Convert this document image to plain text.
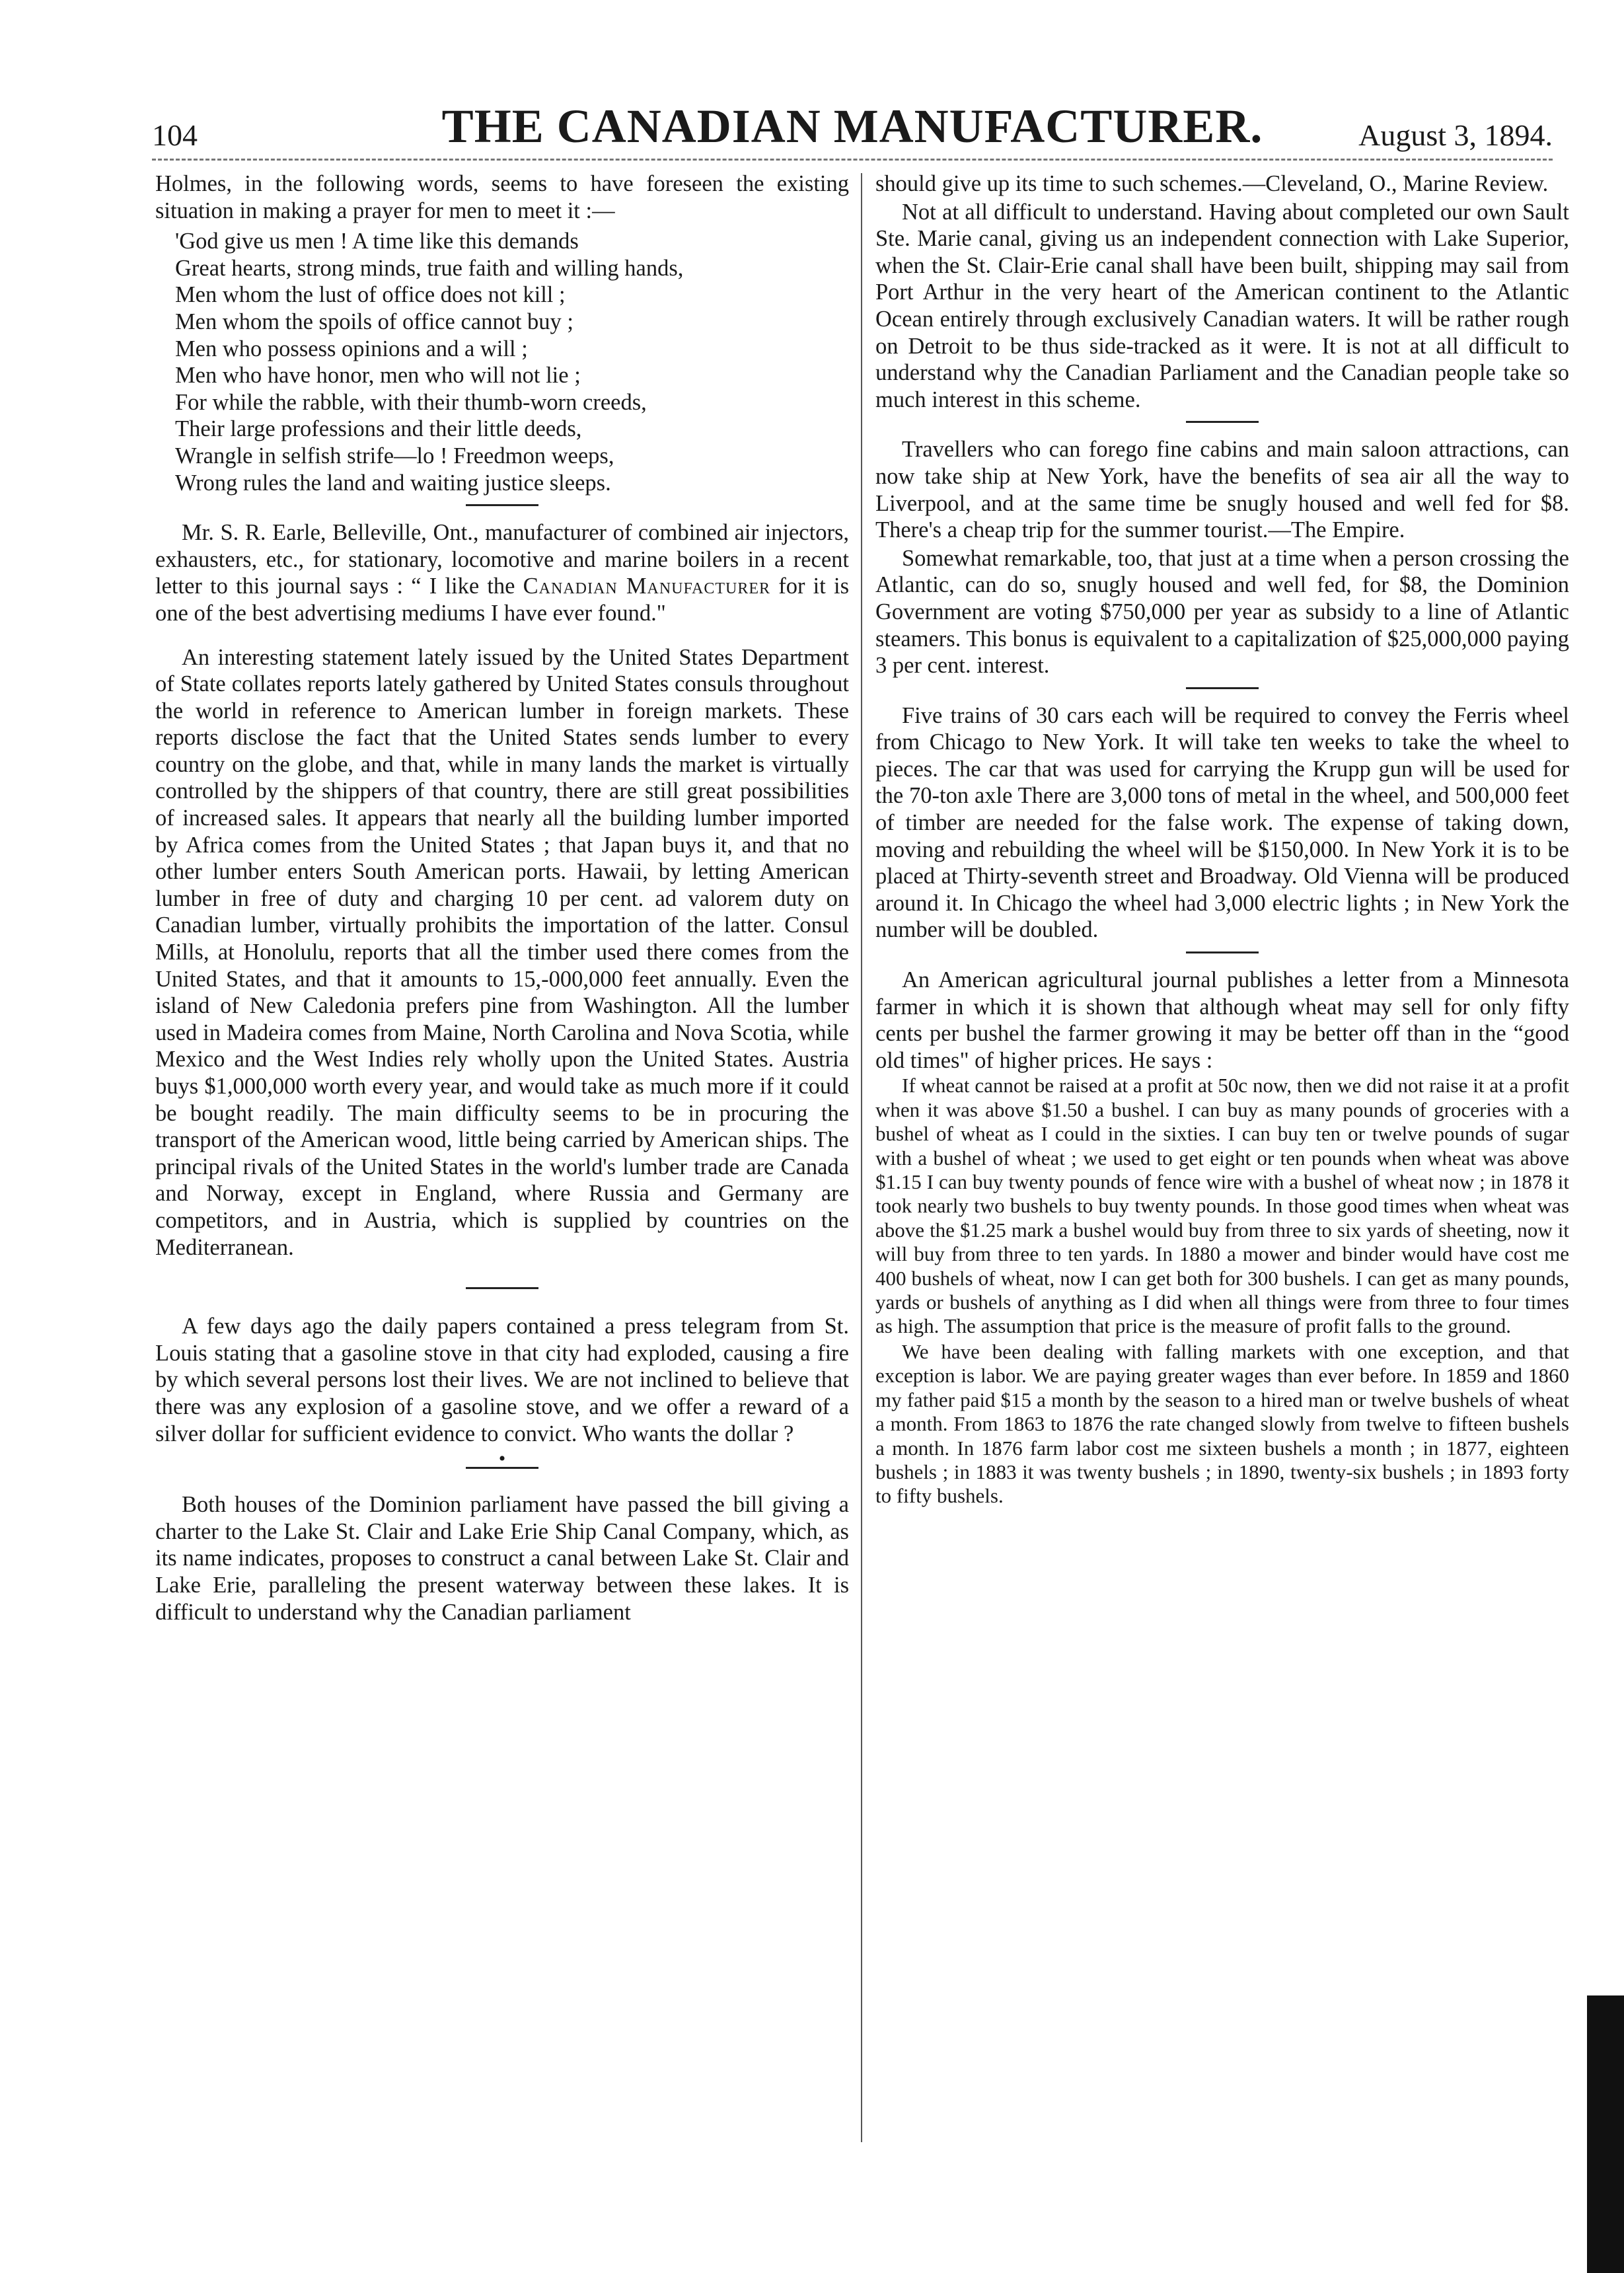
104	THE CANADIAN MANUFACTURER.	August 3, 1894.

Holmes, in the following words, seems to have foreseen the existing situation in making a prayer for men to meet it :—

'God give us men ! A time like this demands
Great hearts, strong minds, true faith and willing hands,
Men whom the lust of office does not kill ;
Men whom the spoils of office cannot buy ;
Men who possess opinions and a will ;
Men who have honor, men who will not lie ;
For while the rabble, with their thumb-worn creeds,
Their large professions and their little deeds,
Wrangle in selfish strife—lo ! Freedmon weeps,
Wrong rules the land and waiting justice sleeps.

Mr. S. R. Earle, Belleville, Ont., manufacturer of combined air injectors, exhausters, etc., for stationary, locomotive and marine boilers in a recent letter to this journal says : “ I like the Canadian Manufacturer for it is one of the best advertising mediums I have ever found."

An interesting statement lately issued by the United States Department of State collates reports lately gathered by United States consuls throughout the world in reference to American lumber in foreign markets. These reports disclose the fact that the United States sends lumber to every country on the globe, and that, while in many lands the market is virtually controlled by the shippers of that country, there are still great possibilities of increased sales. It appears that nearly all the building lumber imported by Africa comes from the United States ; that Japan buys it, and that no other lumber enters South American ports. Hawaii, by letting American lumber in free of duty and charging 10 per cent. ad valorem duty on Canadian lumber, virtually prohibits the importation of the latter. Consul Mills, at Honolulu, reports that all the timber used there comes from the United States, and that it amounts to 15,-000,000 feet annually. Even the island of New Caledonia prefers pine from Washington. All the lumber used in Madeira comes from Maine, North Carolina and Nova Scotia, while Mexico and the West Indies rely wholly upon the United States. Austria buys $1,000,000 worth every year, and would take as much more if it could be bought readily. The main difficulty seems to be in procuring the transport of the American wood, little being carried by American ships. The principal rivals of the United States in the world's lumber trade are Canada and Norway, except in England, where Russia and Germany are competitors, and in Austria, which is supplied by countries on the Mediterranean.

A few days ago the daily papers contained a press telegram from St. Louis stating that a gasoline stove in that city had exploded, causing a fire by which several persons lost their lives. We are not inclined to believe that there was any explosion of a gasoline stove, and we offer a reward of a silver dollar for sufficient evidence to convict. Who wants the dollar ?

•

Both houses of the Dominion parliament have passed the bill giving a charter to the Lake St. Clair and Lake Erie Ship Canal Company, which, as its name indicates, proposes to construct a canal between Lake St. Clair and Lake Erie, paralleling the present waterway between these lakes. It is difficult to understand why the Canadian parliament

should give up its time to such schemes.—Cleveland, O., Marine Review.

Not at all difficult to understand. Having about completed our own Sault Ste. Marie canal, giving us an independent connection with Lake Superior, when the St. Clair-Erie canal shall have been built, shipping may sail from Port Arthur in the very heart of the American continent to the Atlantic Ocean entirely through exclusively Canadian waters. It will be rather rough on Detroit to be thus side-tracked as it were. It is not at all difficult to understand why the Canadian Parliament and the Canadian people take so much interest in this scheme.

Travellers who can forego fine cabins and main saloon attractions, can now take ship at New York, have the benefits of sea air all the way to Liverpool, and at the same time be snugly housed and well fed for $8. There's a cheap trip for the summer tourist.—The Empire.

Somewhat remarkable, too, that just at a time when a person crossing the Atlantic, can do so, snugly housed and well fed, for $8, the Dominion Government are voting $750,000 per year as subsidy to a line of Atlantic steamers. This bonus is equivalent to a capitalization of $25,000,000 paying 3 per cent. interest.

Five trains of 30 cars each will be required to convey the Ferris wheel from Chicago to New York. It will take ten weeks to take the wheel to pieces. The car that was used for carrying the Krupp gun will be used for the 70-ton axle There are 3,000 tons of metal in the wheel, and 500,000 feet of timber are needed for the false work. The expense of taking down, moving and rebuilding the wheel will be $150,000. In New York it is to be placed at Thirty-seventh street and Broadway. Old Vienna will be produced around it. In Chicago the wheel had 3,000 electric lights ; in New York the number will be doubled.

An American agricultural journal publishes a letter from a Minnesota farmer in which it is shown that although wheat may sell for only fifty cents per bushel the farmer growing it may be better off than in the “good old times" of higher prices. He says :

If wheat cannot be raised at a profit at 50c now, then we did not raise it at a profit when it was above $1.50 a bushel. I can buy as many pounds of groceries with a bushel of wheat as I could in the sixties. I can buy ten or twelve pounds of sugar with a bushel of wheat ; we used to get eight or ten pounds when wheat was above $1.15 I can buy twenty pounds of fence wire with a bushel of wheat now ; in 1878 it took nearly two bushels to buy twenty pounds. In those good times when wheat was above the $1.25 mark a bushel would buy from three to six yards of sheeting, now it will buy from three to ten yards. In 1880 a mower and binder would have cost me 400 bushels of wheat, now I can get both for 300 bushels. I can get as many pounds, yards or bushels of anything as I did when all things were from three to four times as high. The assumption that price is the measure of profit falls to the ground.

We have been dealing with falling markets with one exception, and that exception is labor. We are paying greater wages than ever before. In 1859 and 1860 my father paid $15 a month by the season to a hired man or twelve bushels of wheat a month. From 1863 to 1876 the rate changed slowly from twelve to fifteen bushels a month. In 1876 farm labor cost me sixteen bushels a month ; in 1877, eighteen bushels ; in 1883 it was twenty bushels ; in 1890, twenty-six bushels ; in 1893 forty to fifty bushels.
